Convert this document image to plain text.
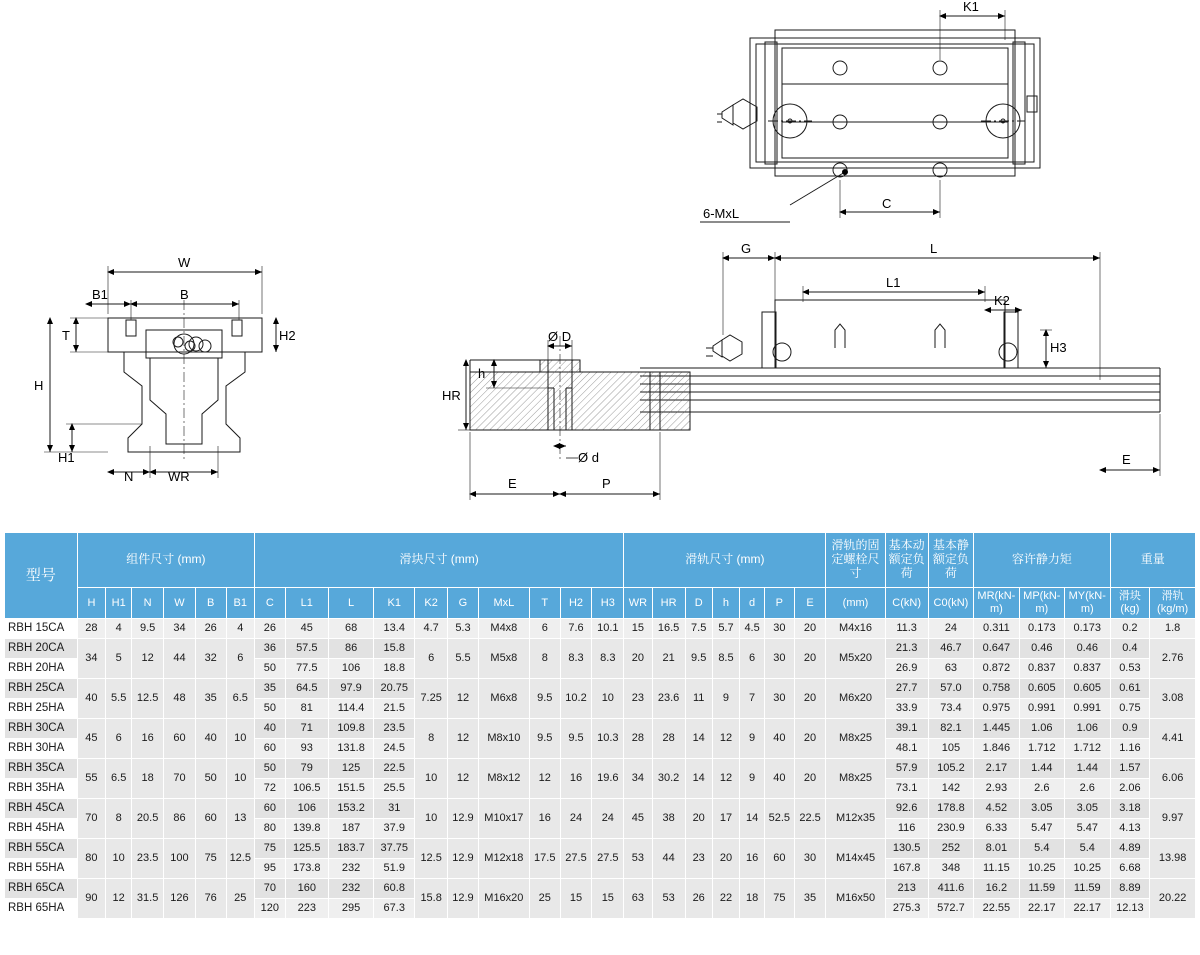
K1
C
6-MxL
W
B1	B
T	H2
H
H1
N	WR
G	L
L1
K2
H3
E
Ø D
h
HR
Ø d
E	P
型号	组件尺寸 (mm)						滑块尺寸 (mm)										滑轨尺寸 (mm)							滑轨的固定螺栓尺寸	基本动额定负荷	基本静额定负荷	容许静力矩			重量	
	H	H1	N	W	B	B1	C	L1	L	K1	K2	G	MxL	T	H2	H3	WR	HR	D	h	d	P	E	(mm)	C(kN)	C0(kN)	MR(kN-m)	MP(kN-m)	MY(kN-m)	滑块(kg)	滑轨(kg/m)
RBH 15CA	28	4	9.5	34	26	4	26	45	68	13.4	4.7	5.3	M4x8	6	7.6	10.1	15	16.5	7.5	5.7	4.5	30	20	M4x16	11.3	24	0.311	0.173	0.173	0.2	1.8
RBH 20CA	34	5	12	44	32	6	36	57.5	86	15.8	6	5.5	M5x8	8	8.3	8.3	20	21	9.5	8.5	6	30	20	M5x20	21.3	46.7	0.647	0.46	0.46	0.4	2.76
RBH 20HA							50	77.5	106	18.8															26.9	63	0.872	0.837	0.837	0.53	
RBH 25CA	40	5.5	12.5	48	35	6.5	35	64.5	97.9	20.75	7.25	12	M6x8	9.5	10.2	10	23	23.6	11	9	7	30	20	M6x20	27.7	57.0	0.758	0.605	0.605	0.61	3.08
RBH 25HA							50	81	114.4	21.5															33.9	73.4	0.975	0.991	0.991	0.75	
RBH 30CA	45	6	16	60	40	10	40	71	109.8	23.5	8	12	M8x10	9.5	9.5	10.3	28	28	14	12	9	40	20	M8x25	39.1	82.1	1.445	1.06	1.06	0.9	4.41
RBH 30HA							60	93	131.8	24.5															48.1	105	1.846	1.712	1.712	1.16	
RBH 35CA	55	6.5	18	70	50	10	50	79	125	22.5	10	12	M8x12	12	16	19.6	34	30.2	14	12	9	40	20	M8x25	57.9	105.2	2.17	1.44	1.44	1.57	6.06
RBH 35HA							72	106.5	151.5	25.5															73.1	142	2.93	2.6	2.6	2.06	
RBH 45CA	70	8	20.5	86	60	13	60	106	153.2	31	10	12.9	M10x17	16	24	24	45	38	20	17	14	52.5	22.5	M12x35	92.6	178.8	4.52	3.05	3.05	3.18	9.97
RBH 45HA							80	139.8	187	37.9															116	230.9	6.33	5.47	5.47	4.13	
RBH 55CA	80	10	23.5	100	75	12.5	75	125.5	183.7	37.75	12.5	12.9	M12x18	17.5	27.5	27.5	53	44	23	20	16	60	30	M14x45	130.5	252	8.01	5.4	5.4	4.89	13.98
RBH 55HA							95	173.8	232	51.9															167.8	348	11.15	10.25	10.25	6.68	
RBH 65CA	90	12	31.5	126	76	25	70	160	232	60.8	15.8	12.9	M16x20	25	15	15	63	53	26	22	18	75	35	M16x50	213	411.6	16.2	11.59	11.59	8.89	20.22
RBH 65HA							120	223	295	67.3															275.3	572.7	22.55	22.17	22.17	12.13	
